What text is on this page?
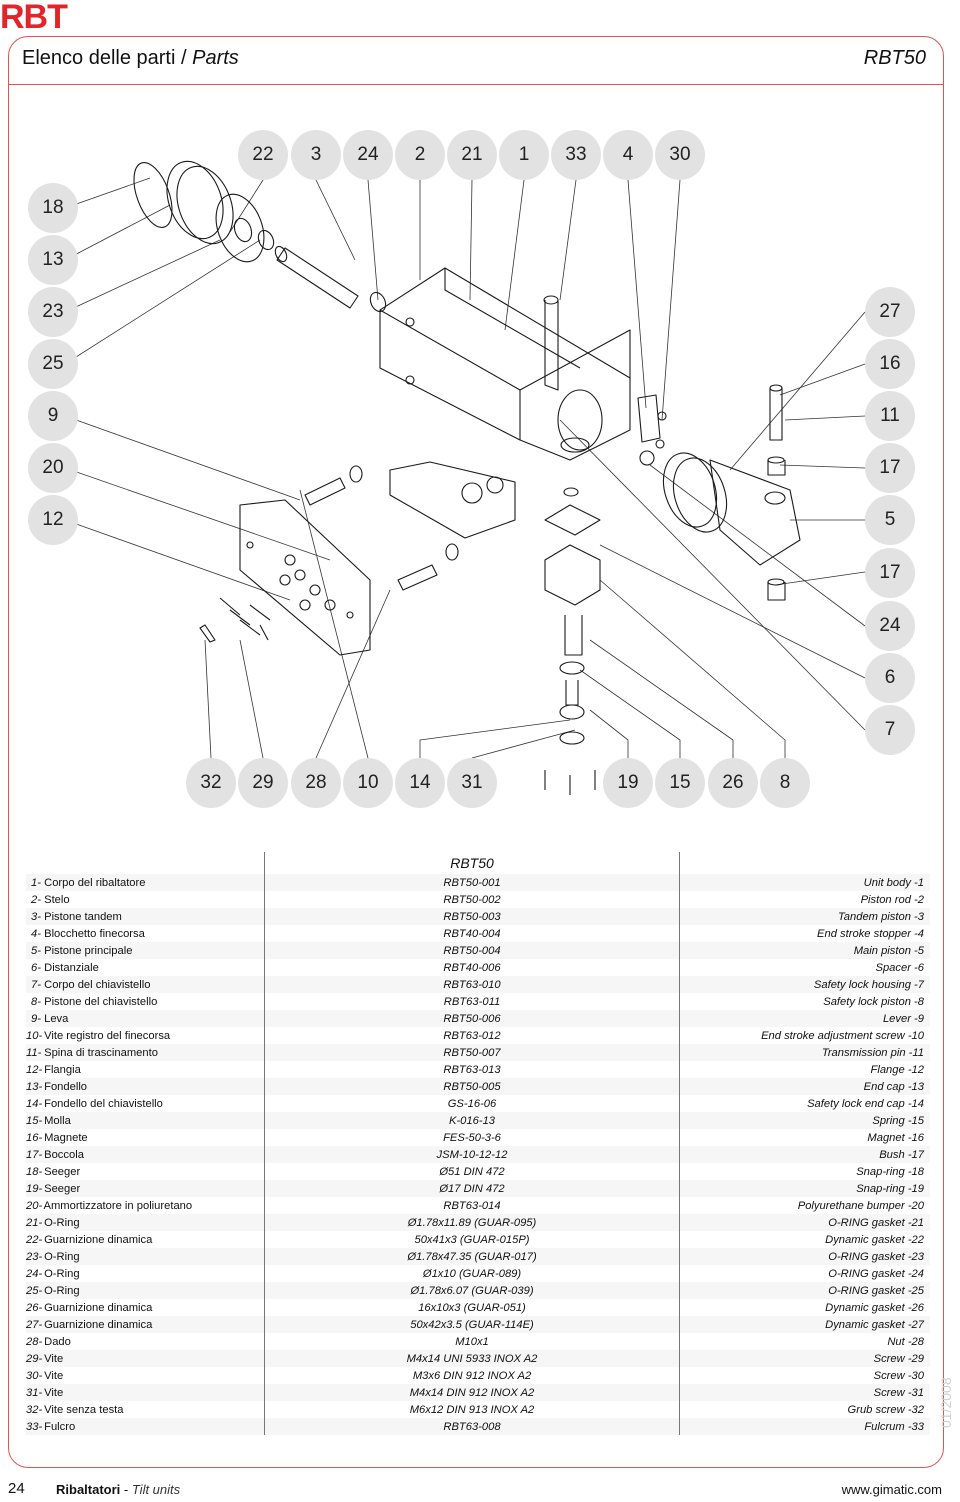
RBT
Elenco delle parti / Parts	RBT50
22	3	24	2	21	1	33	4	30
18
13
23
25
9
20
12
27
16
11
17
5
17
24
6
7
32	29	28	10	14	31	19	15	26	8
	RBT50	
1- Corpo del ribaltatore	RBT50-001	Unit body -1
2- Stelo	RBT50-002	Piston rod -2
3- Pistone tandem	RBT50-003	Tandem piston -3
4- Blocchetto finecorsa	RBT40-004	End stroke stopper -4
5- Pistone principale	RBT50-004	Main piston -5
6- Distanziale	RBT40-006	Spacer -6
7- Corpo del chiavistello	RBT63-010	Safety lock housing -7
8- Pistone del chiavistello	RBT63-011	Safety lock piston -8
9- Leva	RBT50-006	Lever -9
10- Vite registro del finecorsa	RBT63-012	End stroke adjustment screw -10
11- Spina di trascinamento	RBT50-007	Transmission pin -11
12- Flangia	RBT63-013	Flange -12
13- Fondello	RBT50-005	End cap -13
14- Fondello del chiavistello	GS-16-06	Safety lock end cap -14
15- Molla	K-016-13	Spring -15
16- Magnete	FES-50-3-6	Magnet -16
17- Boccola	JSM-10-12-12	Bush -17
18- Seeger	Ø51 DIN 472	Snap-ring -18
19- Seeger	Ø17 DIN 472	Snap-ring -19
20- Ammortizzatore in poliuretano	RBT63-014	Polyurethane bumper -20
21- O-Ring	Ø1.78x11.89 (GUAR-095)	O-RING gasket -21
22- Guarnizione dinamica	50x41x3 (GUAR-015P)	Dynamic gasket -22
23- O-Ring	Ø1.78x47.35 (GUAR-017)	O-RING gasket -23
24- O-Ring	Ø1x10 (GUAR-089)	O-RING gasket -24
25- O-Ring	Ø1.78x6.07 (GUAR-039)	O-RING gasket -25
26- Guarnizione dinamica	16x10x3 (GUAR-051)	Dynamic gasket -26
27- Guarnizione dinamica	50x42x3.5 (GUAR-114E)	Dynamic gasket -27
28- Dado	M10x1	Nut -28
29- Vite	M4x14 UNI 5933 INOX A2	Screw -29
30- Vite	M3x6 DIN 912 INOX A2	Screw -30
31- Vite	M4x14 DIN 912 INOX A2	Screw -31
32- Vite senza testa	M6x12 DIN 913 INOX A2	Grub screw -32
33- Fulcro	RBT63-008	Fulcrum -33 01/2008
24 Ribaltatori - Tilt units	www.gimatic.com
